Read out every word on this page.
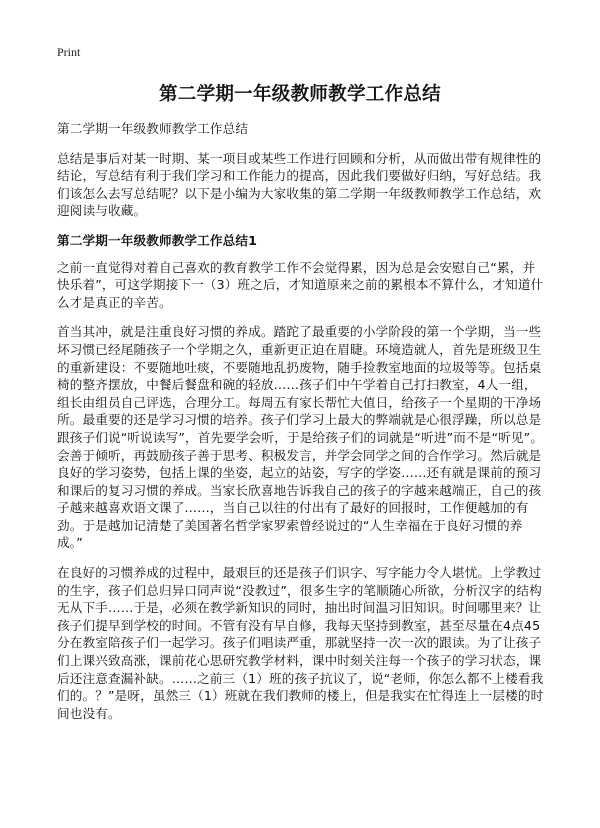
Print
第二学期一年级教师教学工作总结

第二学期一年级教师教学工作总结

总结是事后对某一时期、某一项目或某些工作进行回顾和分析，从而做出带有规律性的结论，写总结有利于我们学习和工作能力的提高，因此我们要做好归纳，写好总结。我们该怎么去写总结呢？以下是小编为大家收集的第二学期一年级教师教学工作总结，欢迎阅读与收藏。

第二学期一年级教师教学工作总结1

之前一直觉得对着自己喜欢的教育教学工作不会觉得累，因为总是会安慰自己“累，并快乐着”，可这学期接下一（3）班之后，才知道原来之前的累根本不算什么，才知道什么才是真正的辛苦。

首当其冲，就是注重良好习惯的养成。踏跎了最重要的小学阶段的第一个学期，当一些坏习惯已经尾随孩子一个学期之久，重新更正迫在眉睫。环境造就人，首先是班级卫生的重新建设：不要随地吐痰，不要随地乱扔废物，随手捡教室地面的垃圾等等。包括桌椅的整齐摆放，中餐后餐盘和碗的轻放……孩子们中午学着自己打扫教室，4人一组，组长由组员自己评选，合理分工。每周五有家长帮忙大值日，给孩子一个星期的干净场所。最重要的还是学习习惯的培养。孩子们学习上最大的弊端就是心很浮躁，所以总是跟孩子们说“听说读写”，首先要学会听，于是给孩子们的词就是“听进”而不是“听见”。会善于倾听，再鼓励孩子善于思考、积极发言，并学会同学之间的合作学习。然后就是良好的学习姿势，包括上课的坐姿，起立的站姿，写字的学姿……还有就是课前的预习和课后的复习习惯的养成。当家长欣喜地告诉我自己的孩子的字越来越端正，自己的孩子越来越喜欢语文课了……，当自己以往的付出有了最好的回报时，工作便越加的有劲。于是越加记清楚了美国著名哲学家罗索曾经说过的“人生幸福在于良好习惯的养成。”

在良好的习惯养成的过程中，最艰巨的还是孩子们识字、写字能力令人堪忧。上学教过的生字，孩子们总归异口同声说“没教过”，很多生字的笔顺随心所欲，分析汉字的结构无从下手……于是，必须在教学新知识的同时，抽出时间温习旧知识。时间哪里来？让孩子们提早到学校的时间。不管有没有早自修，我每天坚持到教室，甚至尽量在4点45分在教室陪孩子们一起学习。孩子们唱读严重，那就坚持一次一次的跟读。为了让孩子们上课兴致高涨，课前花心思研究教学材料，课中时刻关注每一个孩子的学习状态，课后还注意查漏补缺。……之前三（1）班的孩子抗议了，说“老师，你怎么都不上楼看我们的。？”是呀，虽然三（1）班就在我们教师的楼上，但是我实在忙得连上一层楼的时间也没有。
